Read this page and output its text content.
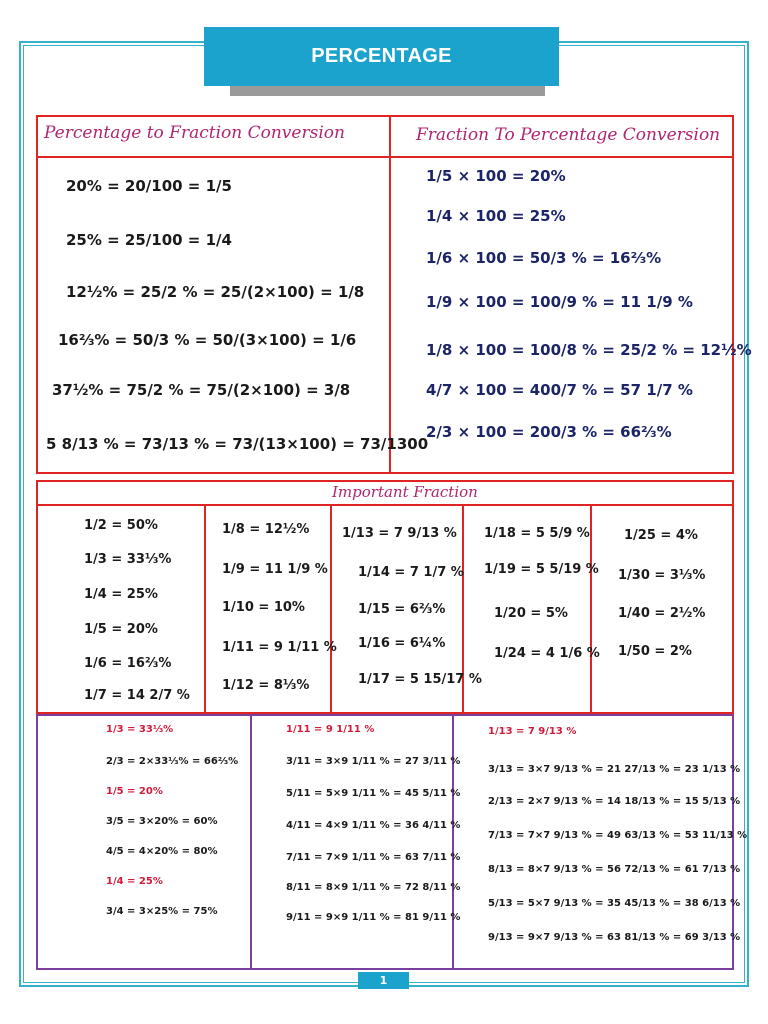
PERCENTAGE
Percentage to Fraction Conversion	Fraction To Percentage Conversion
20% = 20/100 = 1/5
25% = 25/100 = 1/4
12½% = 25/2 % = 25/(2×100) = 1/8
16⅔% = 50/3 % = 50/(3×100) = 1/6
37½% = 75/2 % = 75/(2×100) = 3/8
5 8/13 % = 73/13 % = 73/(13×100) = 73/1300
1/5 × 100 = 20%
1/4 × 100 = 25%
1/6 × 100 = 50/3 % = 16⅔%
1/9 × 100 = 100/9 % = 11 1/9 %
1/8 × 100 = 100/8 % = 25/2 % = 12½%
4/7 × 100 = 400/7 % = 57 1/7 %
2/3 × 100 = 200/3 % = 66⅔%
Important Fraction
1/2 = 50%
1/3 = 33⅓%
1/4 = 25%
1/5 = 20%
1/6 = 16⅔%
1/7 = 14 2/7 %
1/8 = 12½%
1/9 = 11 1/9 %
1/10 = 10%
1/11 = 9 1/11 %
1/12 = 8⅓%
1/13 = 7 9/13 %
1/14 = 7 1/7 %
1/15 = 6⅔%
1/16 = 6¼%
1/17 = 5 15/17 %
1/18 = 5 5/9 %
1/19 = 5 5/19 %
1/20 = 5%
1/24 = 4 1/6 %
1/25 = 4%
1/30 = 3⅓%
1/40 = 2½%
1/50 = 2%
1/3 = 33⅓%
2/3 = 2×33⅓% = 66⅔%
1/5 = 20%
3/5 = 3×20% = 60%
4/5 = 4×20% = 80%
1/4 = 25%
3/4 = 3×25% = 75%
1/11 = 9 1/11 %
3/11 = 3×9 1/11 % = 27 3/11 %
5/11 = 5×9 1/11 % = 45 5/11 %
4/11 = 4×9 1/11 % = 36 4/11 %
7/11 = 7×9 1/11 % = 63 7/11 %
8/11 = 8×9 1/11 % = 72 8/11 %
9/11 = 9×9 1/11 % = 81 9/11 %
1/13 = 7 9/13 %
3/13 = 3×7 9/13 % = 21 27/13 % = 23 1/13 %
2/13 = 2×7 9/13 % = 14 18/13 % = 15 5/13 %
7/13 = 7×7 9/13 % = 49 63/13 % = 53 11/13 %
8/13 = 8×7 9/13 % = 56 72/13 % = 61 7/13 %
5/13 = 5×7 9/13 % = 35 45/13 % = 38 6/13 %
9/13 = 9×7 9/13 % = 63 81/13 % = 69 3/13 %
1
